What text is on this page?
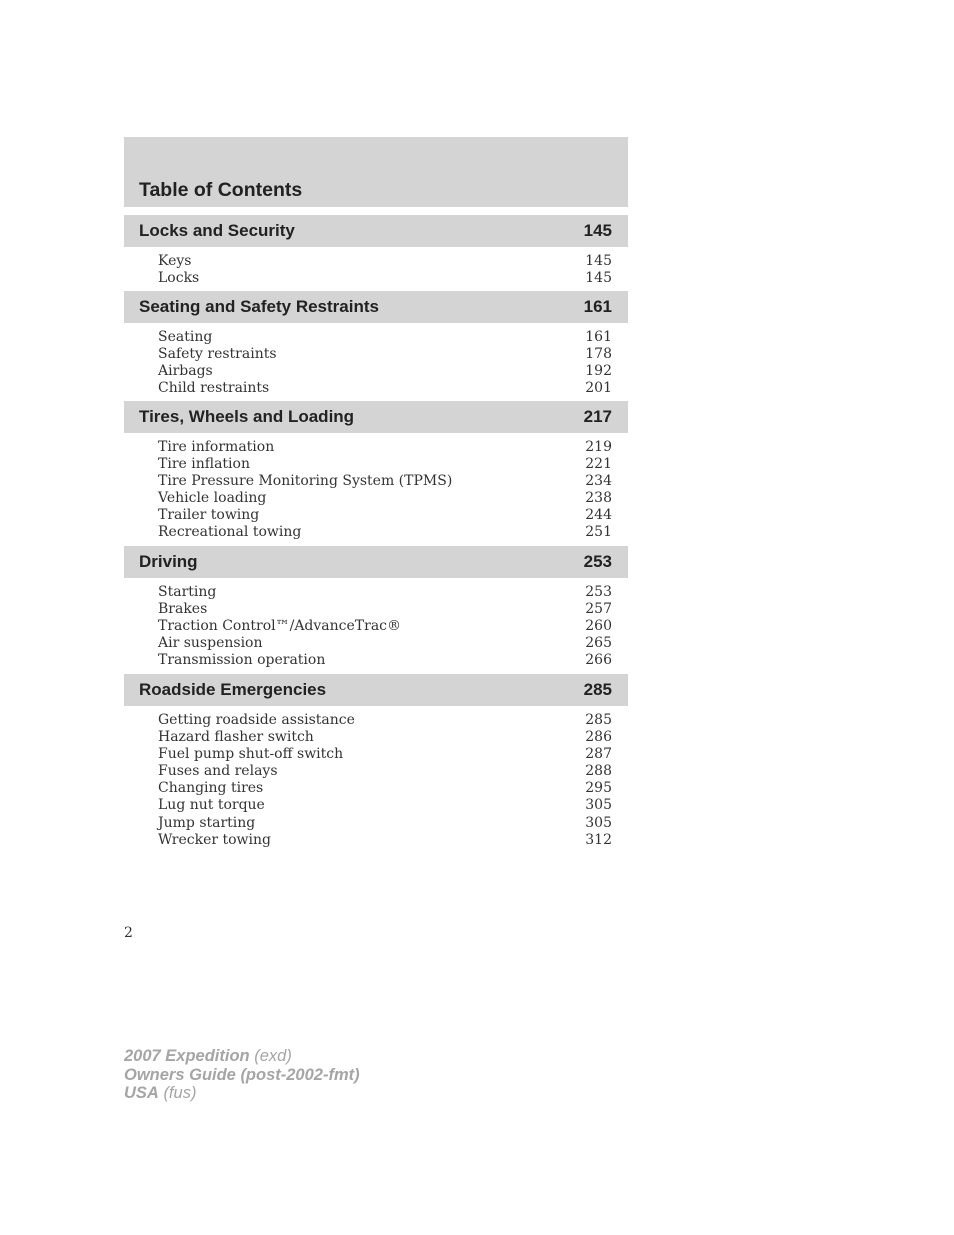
Table of Contents
Locks and Security	145
Keys	145
Locks	145
Seating and Safety Restraints	161
Seating	161
Safety restraints	178
Airbags	192
Child restraints	201
Tires, Wheels and Loading	217
Tire information	219
Tire inflation	221
Tire Pressure Monitoring System (TPMS)	234
Vehicle loading	238
Trailer towing	244
Recreational towing	251
Driving	253
Starting	253
Brakes	257
Traction Control™/AdvanceTrac®	260
Air suspension	265
Transmission operation	266
Roadside Emergencies	285
Getting roadside assistance	285
Hazard flasher switch	286
Fuel pump shut-off switch	287
Fuses and relays	288
Changing tires	295
Lug nut torque	305
Jump starting	305
Wrecker towing	312
2
2007 Expedition (exd)
Owners Guide (post-2002-fmt)
USA (fus)
